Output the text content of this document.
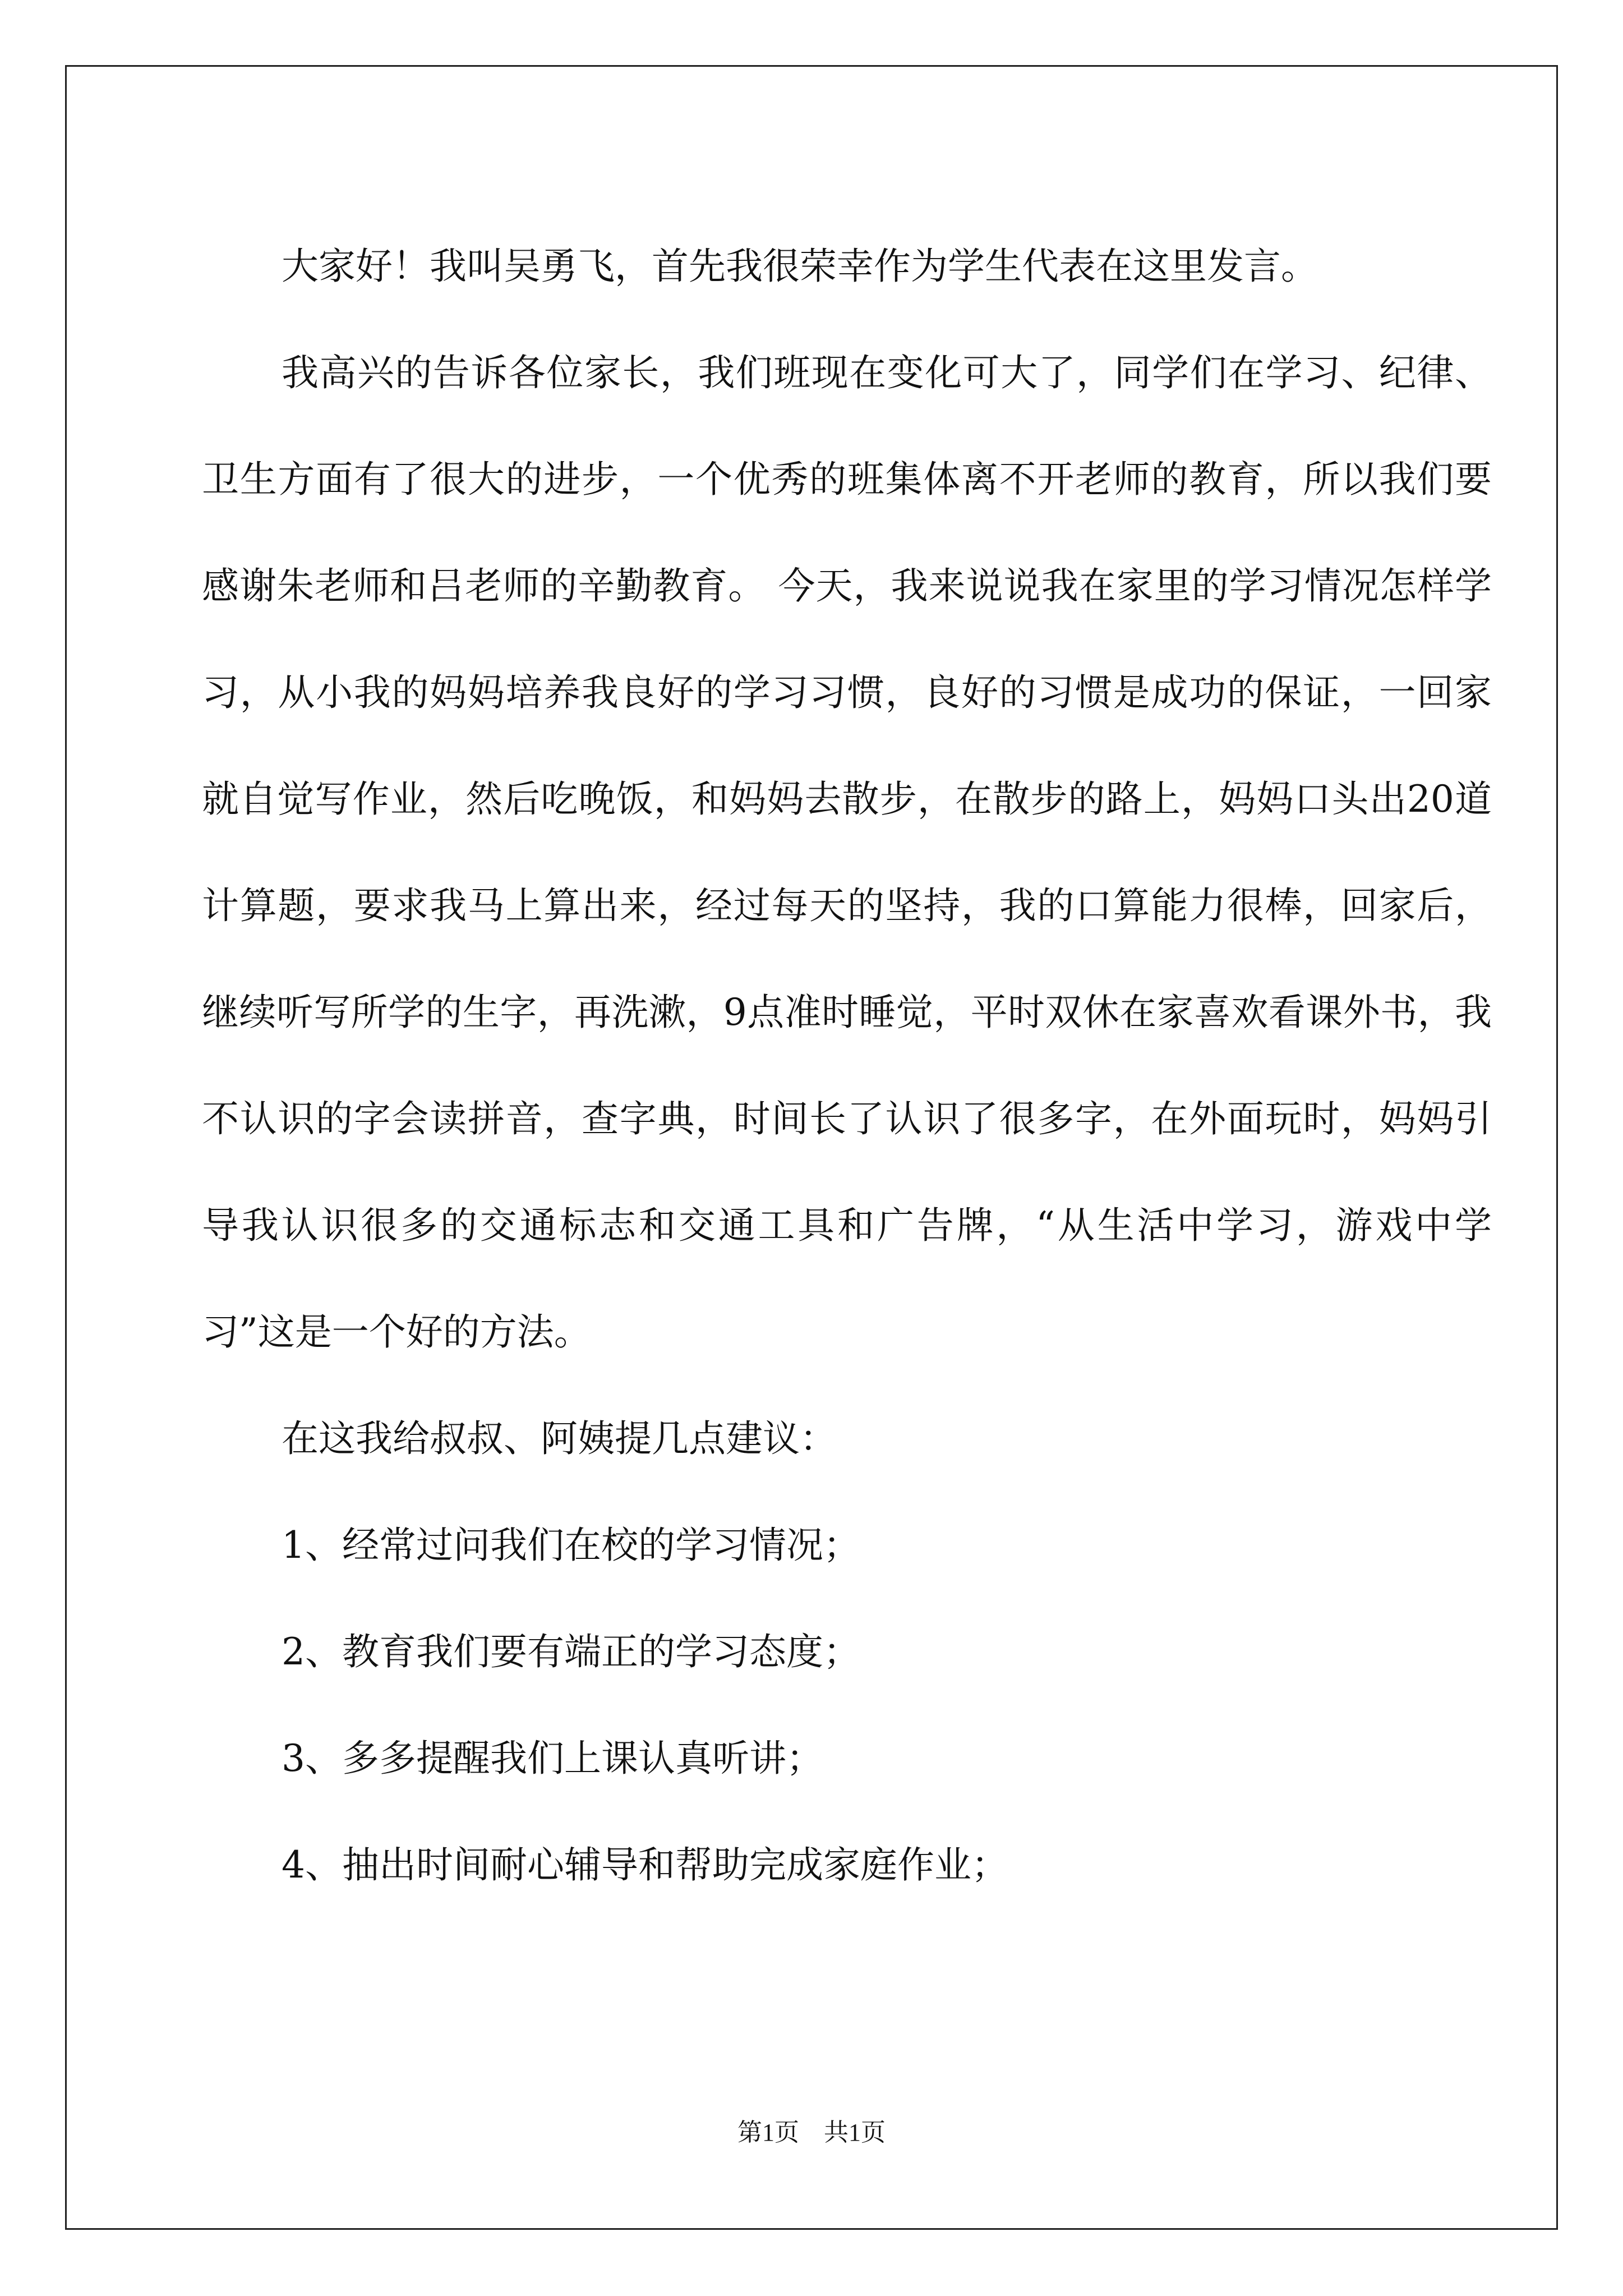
大家好！我叫吴勇飞，首先我很荣幸作为学生代表在这里发言。

我高兴的告诉各位家长，我们班现在变化可大了，同学们在学习、纪律、卫生方面有了很大的进步，一个优秀的班集体离不开老师的教育，所以我们要感谢朱老师和吕老师的辛勤教育。 今天，我来说说我在家里的学习情况怎样学习，从小我的妈妈培养我良好的学习习惯，良好的习惯是成功的保证，一回家就自觉写作业，然后吃晚饭，和妈妈去散步，在散步的路上，妈妈口头出20道计算题，要求我马上算出来，经过每天的坚持，我的口算能力很棒，回家后，继续听写所学的生字，再洗漱，9点准时睡觉，平时双休在家喜欢看课外书，我不认识的字会读拼音，查字典，时间长了认识了很多字，在外面玩时，妈妈引导我认识很多的交通标志和交通工具和广告牌，“从生活中学习，游戏中学习”这是一个好的方法。

在这我给叔叔、阿姨提几点建议：

1、经常过问我们在校的学习情况；

2、教育我们要有端正的学习态度；

3、多多提醒我们上课认真听讲；

4、抽出时间耐心辅导和帮助完成家庭作业；

第1页　共1页
